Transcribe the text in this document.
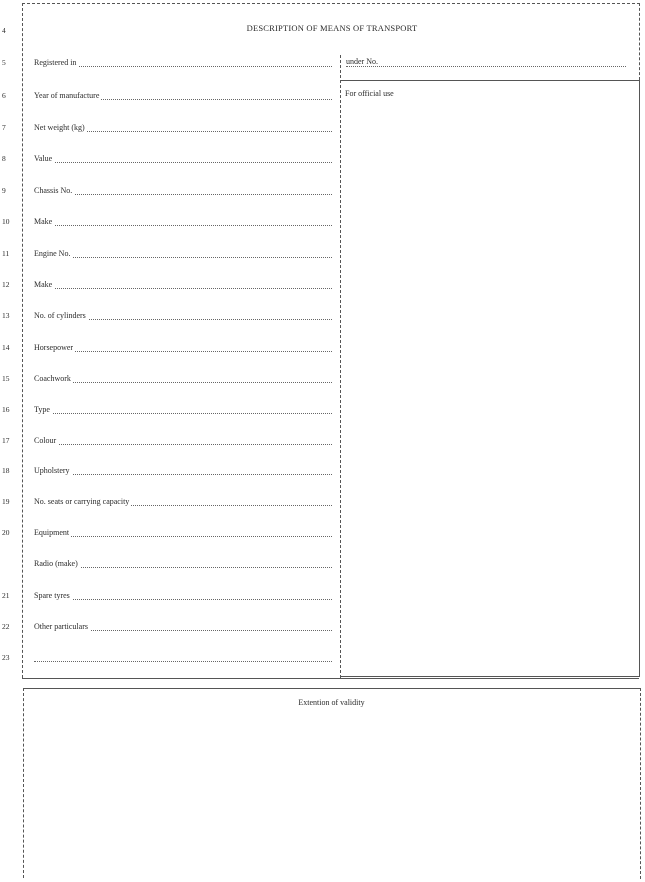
DESCRIPTION OF MEANS OF TRANSPORT
4
5	Registered in	under No.
For official use
6	Year of manufacture
7	Net weight (kg)
8	Value
9	Chassis No.
10	Make
11	Engine No.
12	Make
13	No. of cylinders
14	Horsepower
15	Coachwork
16	Type
17	Colour
18	Upholstery
19	No. seats or carrying capacity
20	Equipment
Radio (make)
21	Spare tyres
22	Other particulars
23
Extention of validity
